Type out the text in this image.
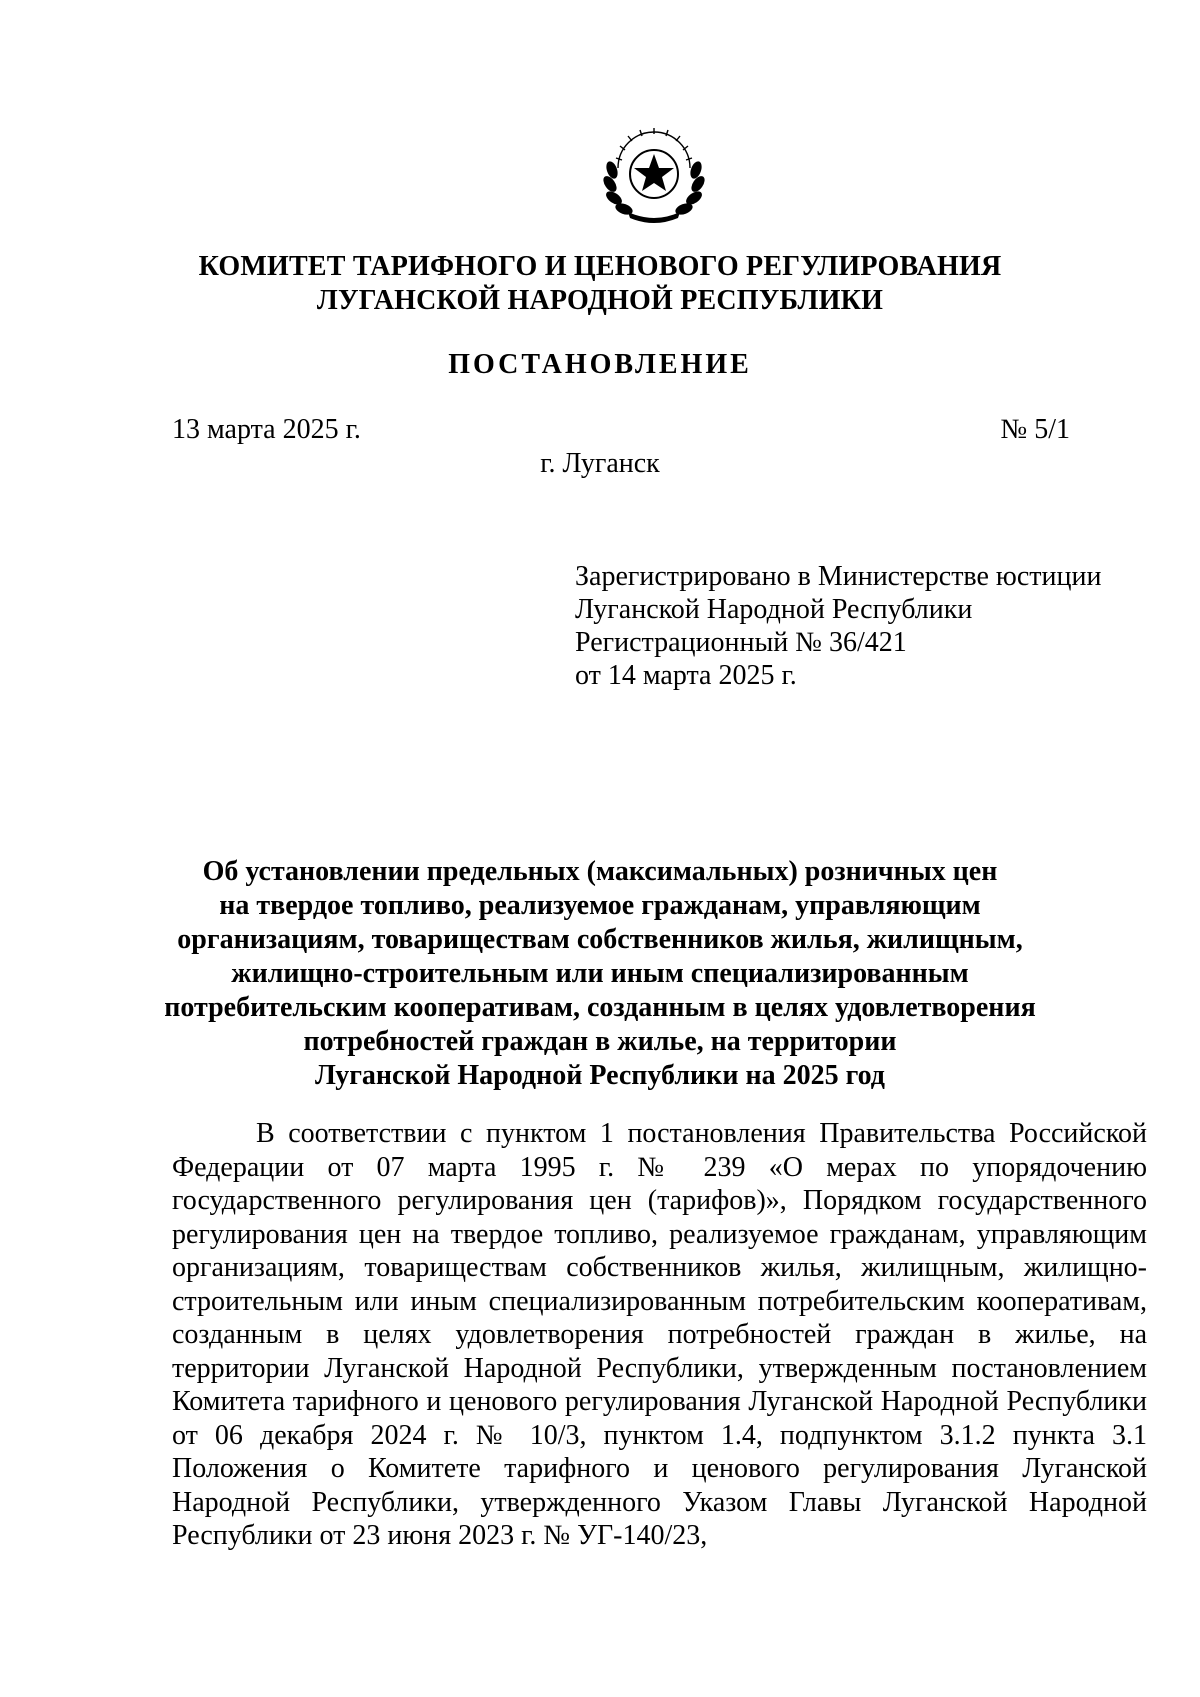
КОМИТЕТ ТАРИФНОГО И ЦЕНОВОГО РЕГУЛИРОВАНИЯ
ЛУГАНСКОЙ НАРОДНОЙ РЕСПУБЛИКИ
ПОСТАНОВЛЕНИЕ
13 марта 2025 г.	№ 5/1
г. Луганск
Зарегистрировано в Министерстве юстиции
Луганской Народной Республики
Регистрационный № 36/421
от 14 марта 2025 г.
Об установлении предельных (максимальных) розничных цен
на твердое топливо, реализуемое гражданам, управляющим
организациям, товариществам собственников жилья, жилищным,
жилищно-строительным или иным специализированным
потребительским кооперативам, созданным в целях удовлетворения
потребностей граждан в жилье, на территории
Луганской Народной Республики на 2025 год

В соответствии с пунктом 1 постановления Правительства Российской Федерации от 07 марта 1995 г. № 239 «О мерах по упорядочению государственного регулирования цен (тарифов)», Порядком государственного регулирования цен на твердое топливо, реализуемое гражданам, управляющим организациям, товариществам собственников жилья, жилищным, жилищно-строительным или иным специализированным потребительским кооперативам, созданным в целях удовлетворения потребностей граждан в жилье, на территории Луганской Народной Республики, утвержденным постановлением Комитета тарифного и ценового регулирования Луганской Народной Республики от 06 декабря 2024 г. № 10/3, пунктом 1.4, подпунктом 3.1.2 пункта 3.1 Положения о Комитете тарифного и ценового регулирования Луганской Народной Республики, утвержденного Указом Главы Луганской Народной Республики от 23 июня 2023 г. № УГ-140/23,
